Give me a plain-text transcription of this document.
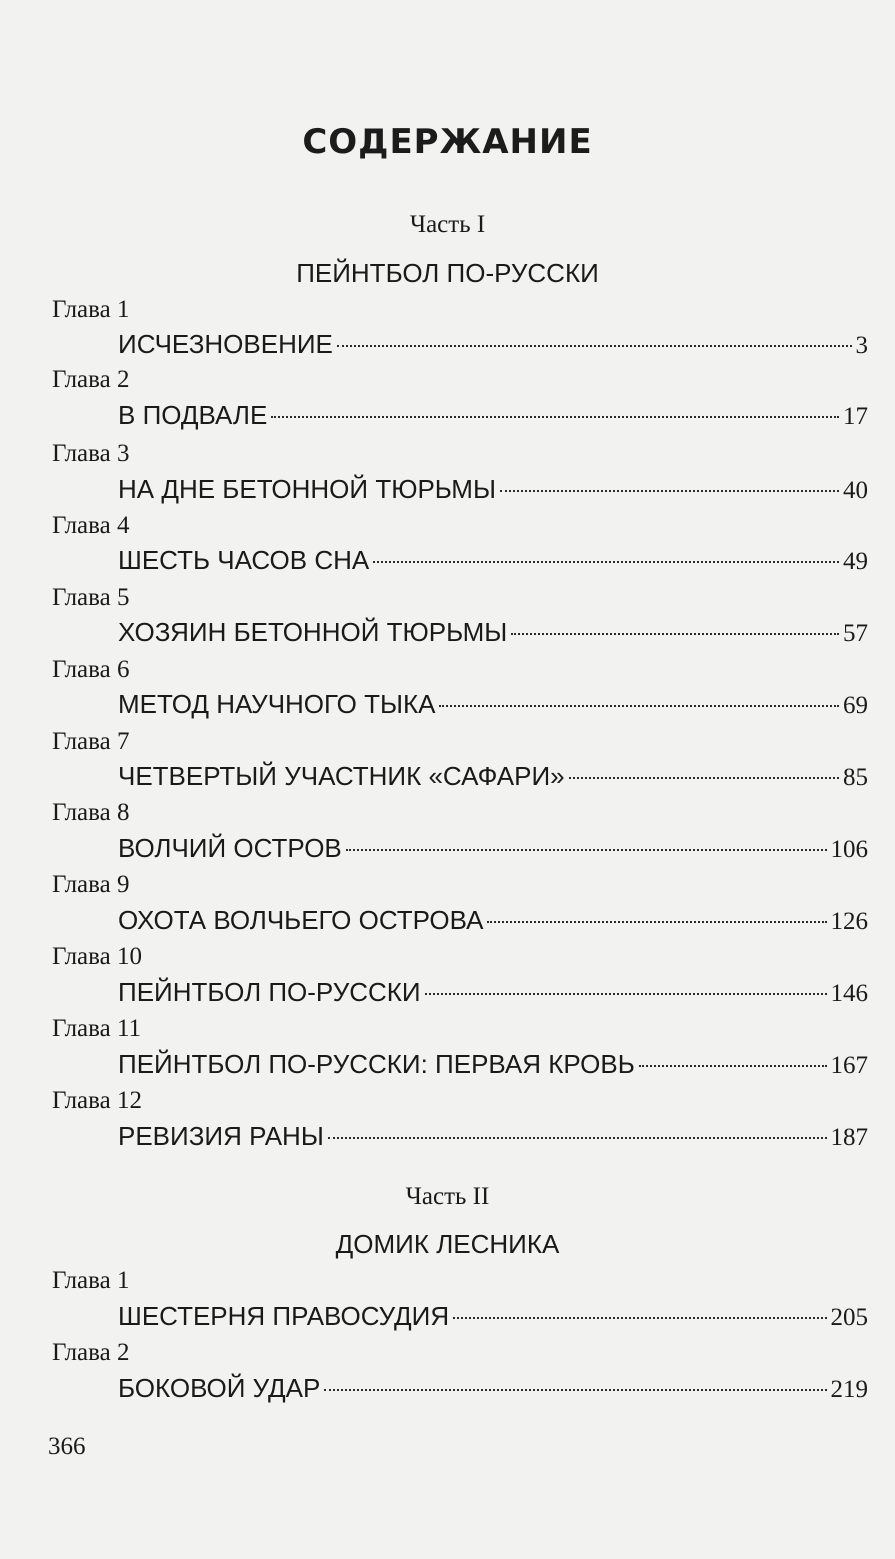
СОДЕРЖАНИЕ
Часть I
ПЕЙНТБОЛ ПО-РУССКИ
Глава 1
ИСЧЕЗНОВЕНИЕ	3
Глава 2
В ПОДВАЛЕ	17
Глава 3
НА ДНЕ БЕТОННОЙ ТЮРЬМЫ	40
Глава 4
ШЕСТЬ ЧАСОВ СНА	49
Глава 5
ХОЗЯИН БЕТОННОЙ ТЮРЬМЫ	57
Глава 6
МЕТОД НАУЧНОГО ТЫКА	69
Глава 7
ЧЕТВЕРТЫЙ УЧАСТНИК «САФАРИ»	85
Глава 8
ВОЛЧИЙ ОСТРОВ	106
Глава 9
ОХОТА ВОЛЧЬЕГО ОСТРОВА	126
Глава 10
ПЕЙНТБОЛ ПО-РУССКИ	146
Глава 11
ПЕЙНТБОЛ ПО-РУССКИ: ПЕРВАЯ КРОВЬ	167
Глава 12
РЕВИЗИЯ РАНЫ	187
Часть II
ДОМИК ЛЕСНИКА
Глава 1
ШЕСТЕРНЯ ПРАВОСУДИЯ	205
Глава 2
БОКОВОЙ УДАР	219
366
